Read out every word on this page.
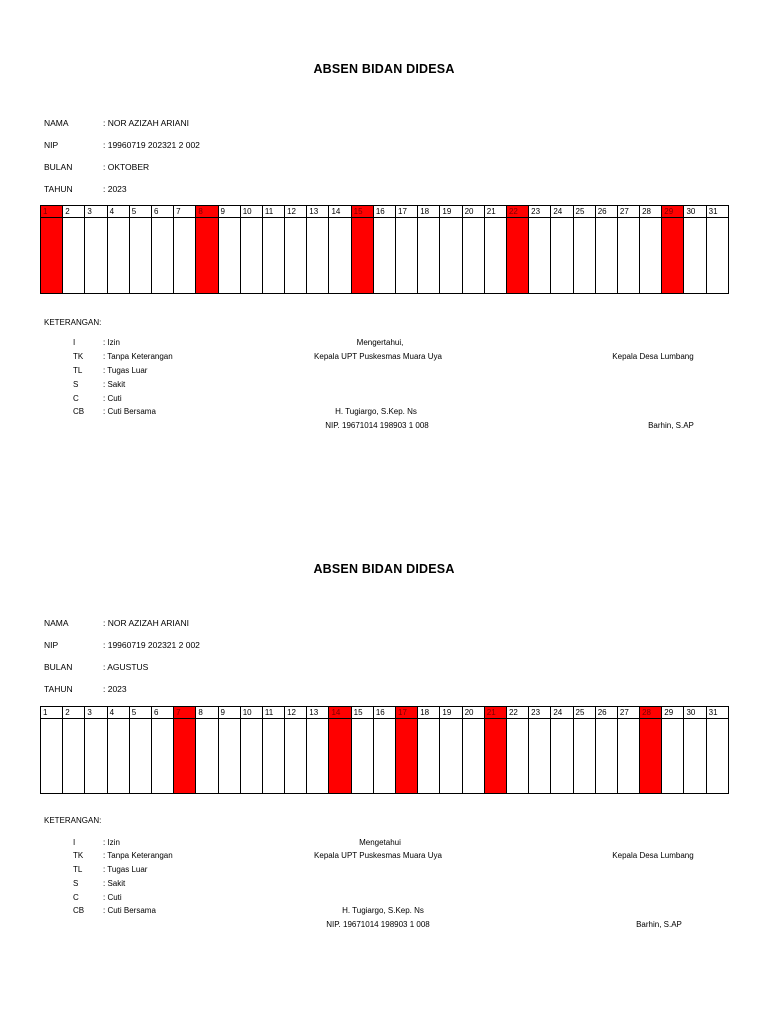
ABSEN BIDAN DIDESA
NAMA	: NOR AZIZAH ARIANI
NIP	: 19960719 202321 2 002
BULAN	: OKTOBER
TAHUN	: 2023
1	2	3	4	5	6	7	8	9	10	11	12	13	14	15	16	17	18	19	20	21	22	23	24	25	26	27	28	29	30	31

KETERANGAN:
I	: Izin
TK : Tanpa Keterangan
TL	: Tugas Luar
S	: Sakit
C	: Cuti
CB : Cuti Bersama
Mengertahui,
Kepala UPT Puskesmas Muara Uya	Kepala Desa Lumbang
H. Tugiargo, S.Kep. Ns
NIP. 19671014 198903 1 008	Barhin, S.AP
ABSEN BIDAN DIDESA
NAMA	: NOR AZIZAH ARIANI
NIP	: 19960719 202321 2 002
BULAN	: AGUSTUS
TAHUN	: 2023
1	2	3	4	5	6	7	8	9	10	11	12	13	14	15	16	17	18	19	20	21	22	23	24	25	26	27	28	29	30	31

KETERANGAN:
I	: Izin
TK : Tanpa Keterangan
TL	: Tugas Luar
S	: Sakit
C	: Cuti
CB : Cuti Bersama
Mengetahui
Kepala UPT Puskesmas Muara Uya	Kepala Desa Lumbang
H. Tugiargo, S.Kep. Ns
NIP. 19671014 198903 1 008	Barhin, S.AP
